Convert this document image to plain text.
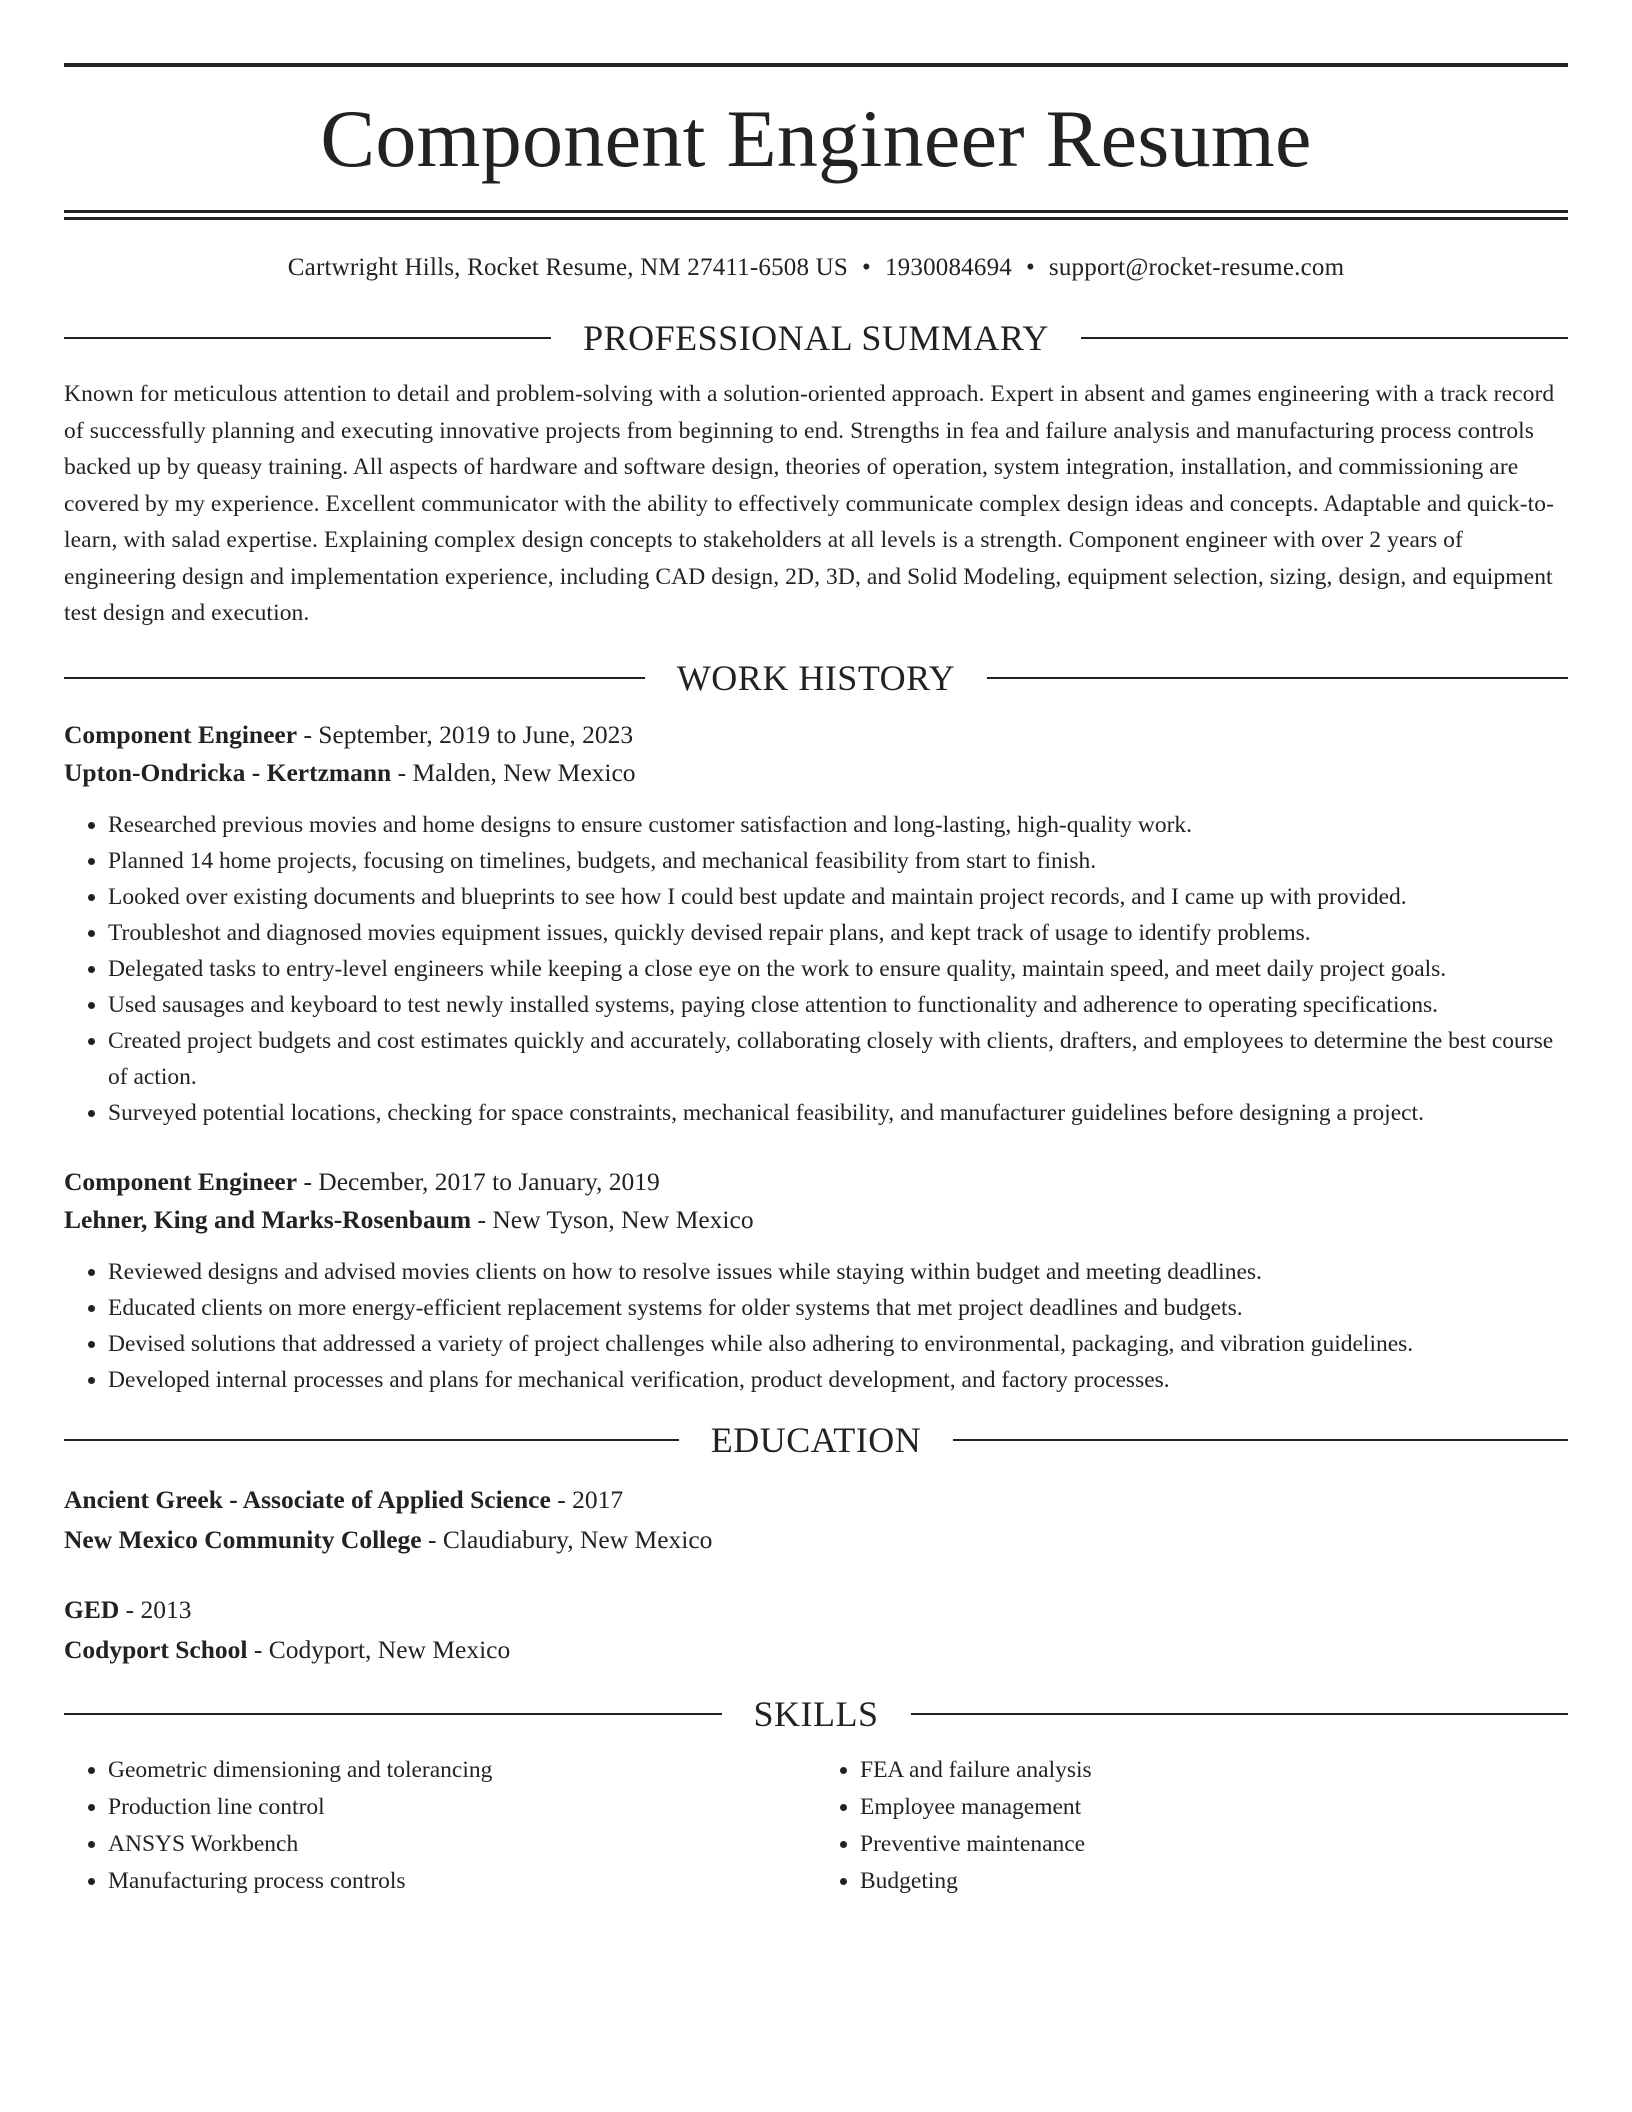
Component Engineer Resume
Cartwright Hills, Rocket Resume, NM 27411-6508 US • 1930084694 • support@rocket-resume.com
PROFESSIONAL SUMMARY
Known for meticulous attention to detail and problem-solving with a solution-oriented approach. Expert in absent and games engineering with a track record of successfully planning and executing innovative projects from beginning to end. Strengths in fea and failure analysis and manufacturing process controls backed up by queasy training. All aspects of hardware and software design, theories of operation, system integration, installation, and commissioning are covered by my experience. Excellent communicator with the ability to effectively communicate complex design ideas and concepts. Adaptable and quick-to-learn, with salad expertise. Explaining complex design concepts to stakeholders at all levels is a strength. Component engineer with over 2 years of engineering design and implementation experience, including CAD design, 2D, 3D, and Solid Modeling, equipment selection, sizing, design, and equipment test design and execution.
WORK HISTORY
Component Engineer - September, 2019 to June, 2023
Upton-Ondricka - Kertzmann - Malden, New Mexico
• Researched previous movies and home designs to ensure customer satisfaction and long-lasting, high-quality work.
• Planned 14 home projects, focusing on timelines, budgets, and mechanical feasibility from start to finish.
• Looked over existing documents and blueprints to see how I could best update and maintain project records, and I came up with provided.
• Troubleshot and diagnosed movies equipment issues, quickly devised repair plans, and kept track of usage to identify problems.
• Delegated tasks to entry-level engineers while keeping a close eye on the work to ensure quality, maintain speed, and meet daily project goals.
• Used sausages and keyboard to test newly installed systems, paying close attention to functionality and adherence to operating specifications.
• Created project budgets and cost estimates quickly and accurately, collaborating closely with clients, drafters, and employees to determine the best course of action.
• Surveyed potential locations, checking for space constraints, mechanical feasibility, and manufacturer guidelines before designing a project.
Component Engineer - December, 2017 to January, 2019
Lehner, King and Marks-Rosenbaum - New Tyson, New Mexico
• Reviewed designs and advised movies clients on how to resolve issues while staying within budget and meeting deadlines.
• Educated clients on more energy-efficient replacement systems for older systems that met project deadlines and budgets.
• Devised solutions that addressed a variety of project challenges while also adhering to environmental, packaging, and vibration guidelines.
• Developed internal processes and plans for mechanical verification, product development, and factory processes.
EDUCATION
Ancient Greek - Associate of Applied Science - 2017
New Mexico Community College - Claudiabury, New Mexico
GED - 2013
Codyport School - Codyport, New Mexico
SKILLS
• Geometric dimensioning and tolerancing
• Production line control
• ANSYS Workbench
• Manufacturing process controls
• FEA and failure analysis
• Employee management
• Preventive maintenance
• Budgeting
